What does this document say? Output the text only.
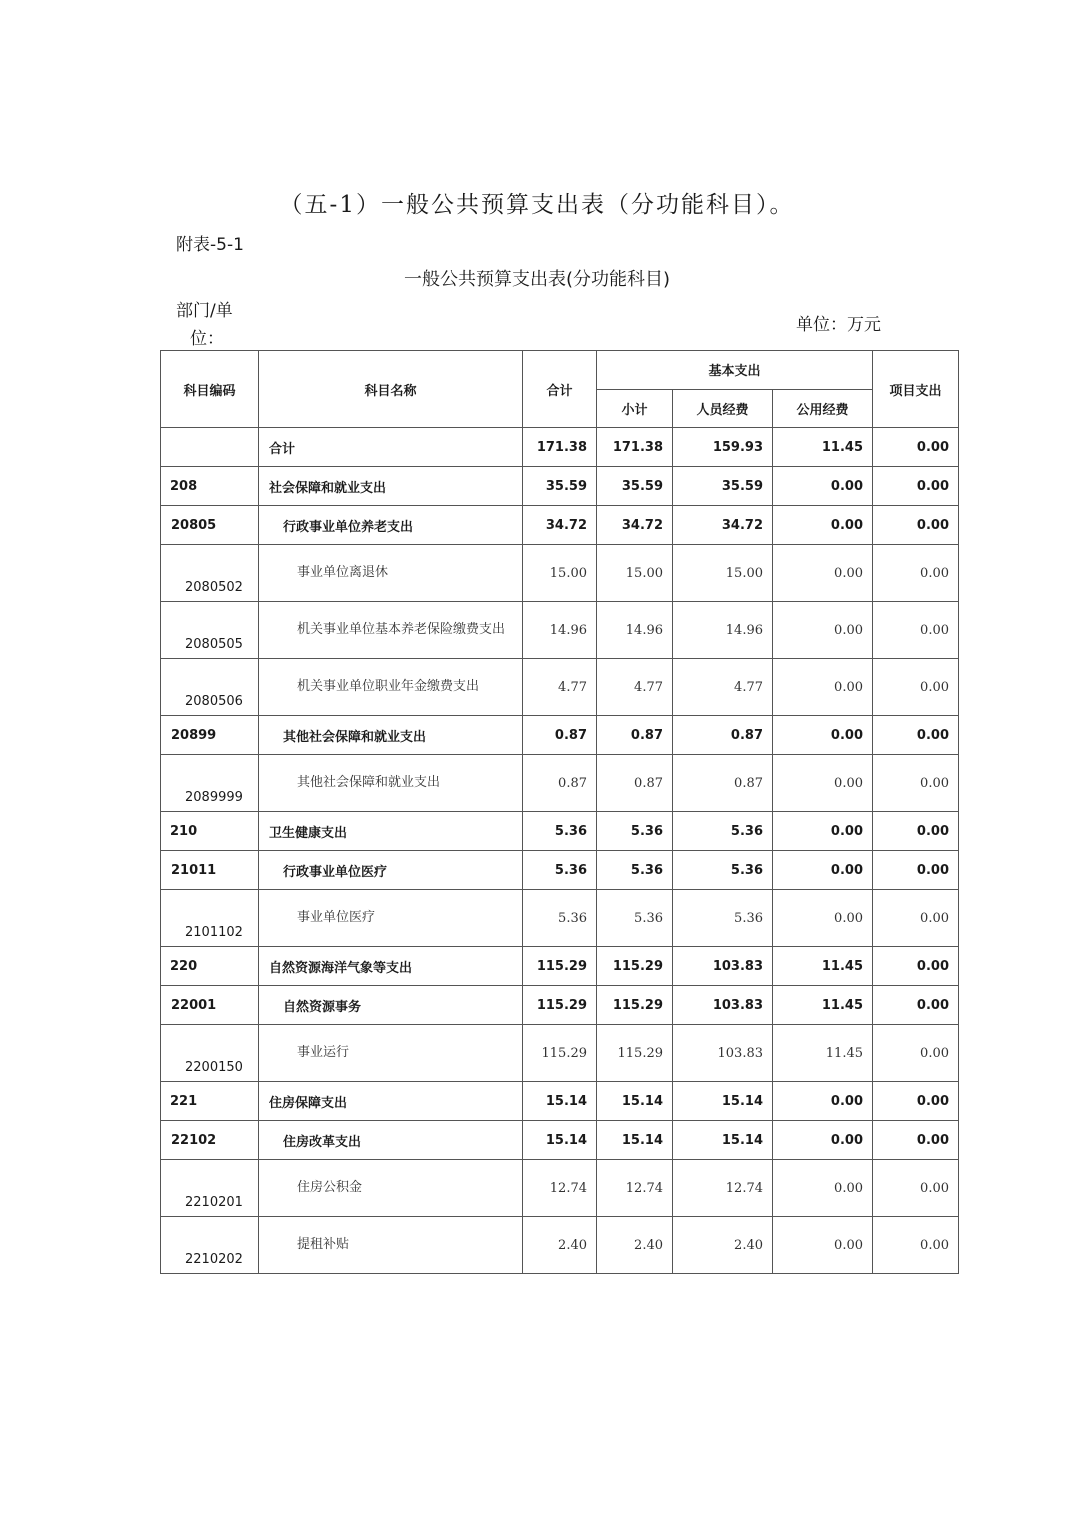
（五-1）一般公共预算支出表（分功能科目）。
附表-5-1
一般公共预算支出表(分功能科目)
部门/单
位：
单位：万元
科目编码	科目名称	合计	基本支出			项目支出
			小计	人员经费	公用经费	
	合计	171.38	171.38	159.93	11.45	0.00
208	社会保障和就业支出	35.59	35.59	35.59	0.00	0.00
20805	行政事业单位养老支出	34.72	34.72	34.72	0.00	0.00
2080502	事业单位离退休	15.00	15.00	15.00	0.00	0.00
2080505	机关事业单位基本养老保险缴费支出	14.96	14.96	14.96	0.00	0.00
2080506	机关事业单位职业年金缴费支出	4.77	4.77	4.77	0.00	0.00
20899	其他社会保障和就业支出	0.87	0.87	0.87	0.00	0.00
2089999	其他社会保障和就业支出	0.87	0.87	0.87	0.00	0.00
210	卫生健康支出	5.36	5.36	5.36	0.00	0.00
21011	行政事业单位医疗	5.36	5.36	5.36	0.00	0.00
2101102	事业单位医疗	5.36	5.36	5.36	0.00	0.00
220	自然资源海洋气象等支出	115.29	115.29	103.83	11.45	0.00
22001	自然资源事务	115.29	115.29	103.83	11.45	0.00
2200150	事业运行	115.29	115.29	103.83	11.45	0.00
221	住房保障支出	15.14	15.14	15.14	0.00	0.00
22102	住房改革支出	15.14	15.14	15.14	0.00	0.00
2210201	住房公积金	12.74	12.74	12.74	0.00	0.00
2210202	提租补贴	2.40	2.40	2.40	0.00	0.00
